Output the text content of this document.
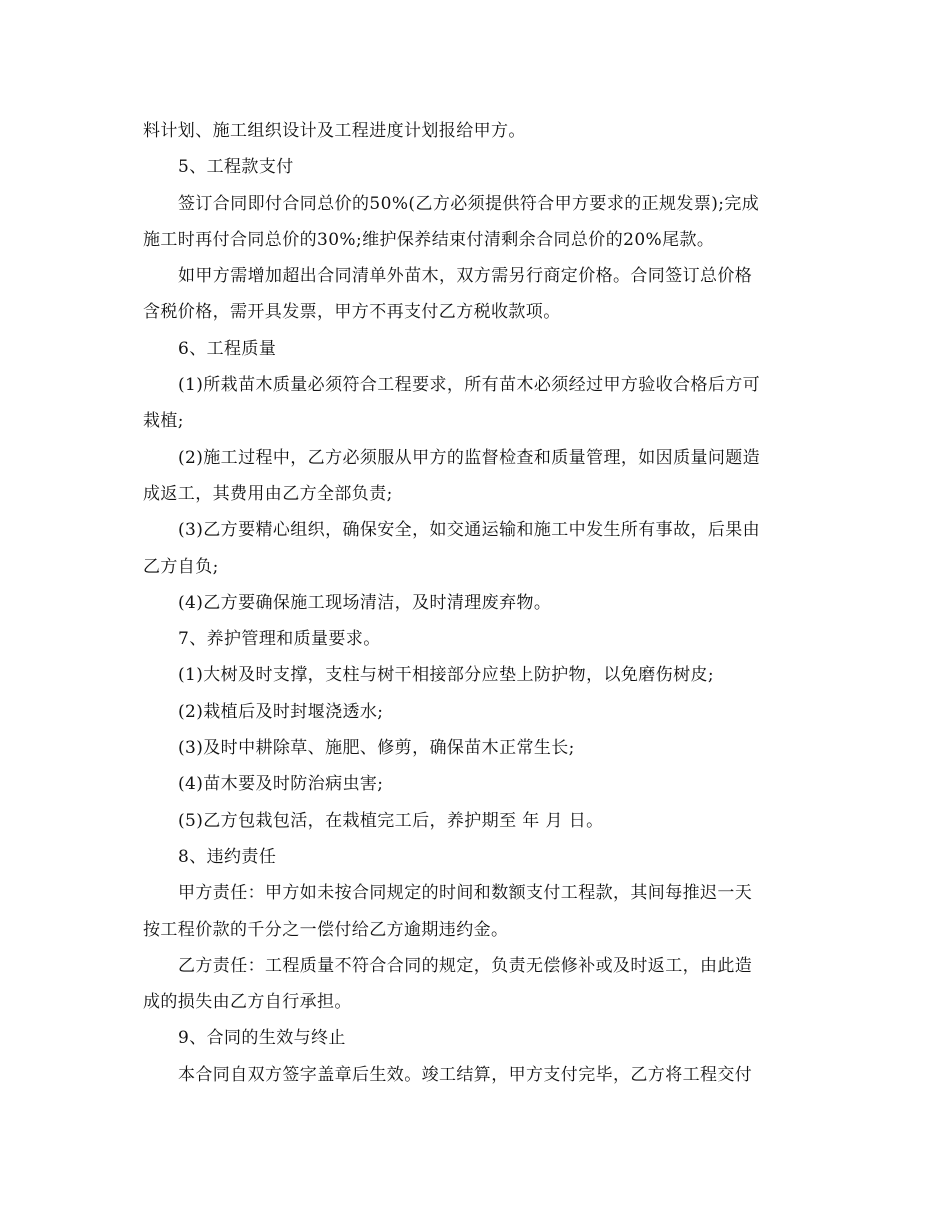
料计划、施工组织设计及工程进度计划报给甲方。
5、工程款支付
签订合同即付合同总价的50%(乙方必须提供符合甲方要求的正规发票);完成
施工时再付合同总价的30%;维护保养结束付清剩余合同总价的20%尾款。
如甲方需增加超出合同清单外苗木，双方需另行商定价格。合同签订总价格
含税价格，需开具发票，甲方不再支付乙方税收款项。
6、工程质量
(1)所栽苗木质量必须符合工程要求，所有苗木必须经过甲方验收合格后方可
栽植;
(2)施工过程中，乙方必须服从甲方的监督检查和质量管理，如因质量问题造
成返工，其费用由乙方全部负责;
(3)乙方要精心组织，确保安全，如交通运输和施工中发生所有事故，后果由
乙方自负;
(4)乙方要确保施工现场清洁，及时清理废弃物。
7、养护管理和质量要求。
(1)大树及时支撑，支柱与树干相接部分应垫上防护物，以免磨伤树皮;
(2)栽植后及时封堰浇透水;
(3)及时中耕除草、施肥、修剪，确保苗木正常生长;
(4)苗木要及时防治病虫害;
(5)乙方包栽包活，在栽植完工后，养护期至 年 月 日。
8、违约责任
甲方责任：甲方如未按合同规定的时间和数额支付工程款，其间每推迟一天
按工程价款的千分之一偿付给乙方逾期违约金。
乙方责任：工程质量不符合合同的规定，负责无偿修补或及时返工，由此造
成的损失由乙方自行承担。
9、合同的生效与终止
本合同自双方签字盖章后生效。竣工结算，甲方支付完毕，乙方将工程交付
